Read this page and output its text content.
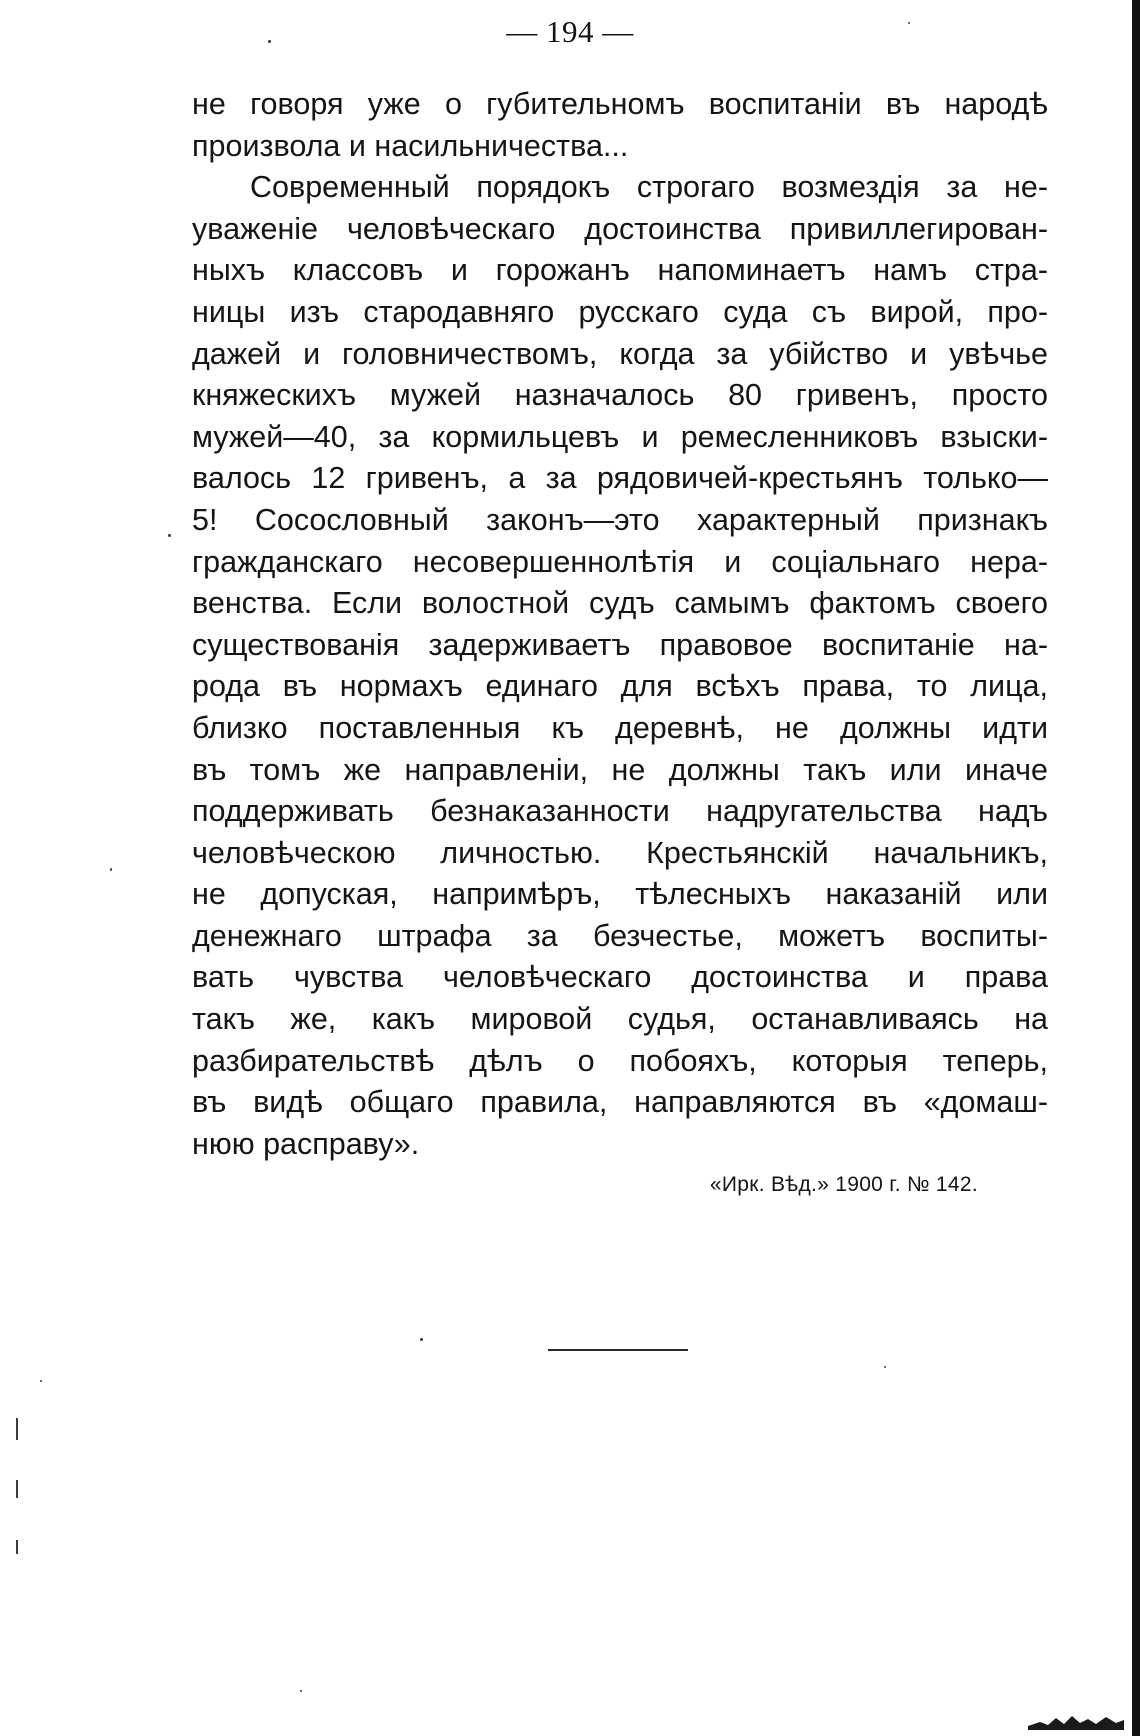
— 194 —
не говоря уже о губительномъ воспитанiи въ народѣ
произвола и насильничества...
Современный порядокъ строгаго возмездiя за не-
уваженiе человѣческаго достоинства привиллегирован-
ныхъ классовъ и горожанъ напоминаетъ намъ стра-
ницы изъ стародавняго русскаго суда съ вирой, про-
дажей и головничествомъ, когда за убiйство и увѣчье
княжескихъ мужей назначалось 80 гривенъ, просто
мужей—40, за кормильцевъ и ремесленниковъ взыски-
валось 12 гривенъ, а за рядовичей-крестьянъ только—
5! Сосословный законъ—это характерный признакъ
гражданскаго несовершеннолѣтiя и соцiальнаго нера-
венства. Если волостной судъ самымъ фактомъ своего
существованiя задерживаетъ правовое воспитанiе на-
рода въ нормахъ единаго для всѣхъ права, то лица,
близко поставленныя къ деревнѣ, не должны идти
въ томъ же направленiи, не должны такъ или иначе
поддерживать безнаказанности надругательства надъ
человѣческою личностью. Крестьянскiй начальникъ,
не допуская, напримѣръ, тѣлесныхъ наказанiй или
денежнаго штрафа за безчестье, можетъ воспиты-
вать чувства человѣческаго достоинства и права
такъ же, какъ мировой судья, останавливаясь на
разбирательствѣ дѣлъ о побояхъ, которыя теперь,
въ видѣ общаго правила, направляются въ «домаш-
нюю расправу».
«Ирк. Вѣд.» 1900 г. № 142.
